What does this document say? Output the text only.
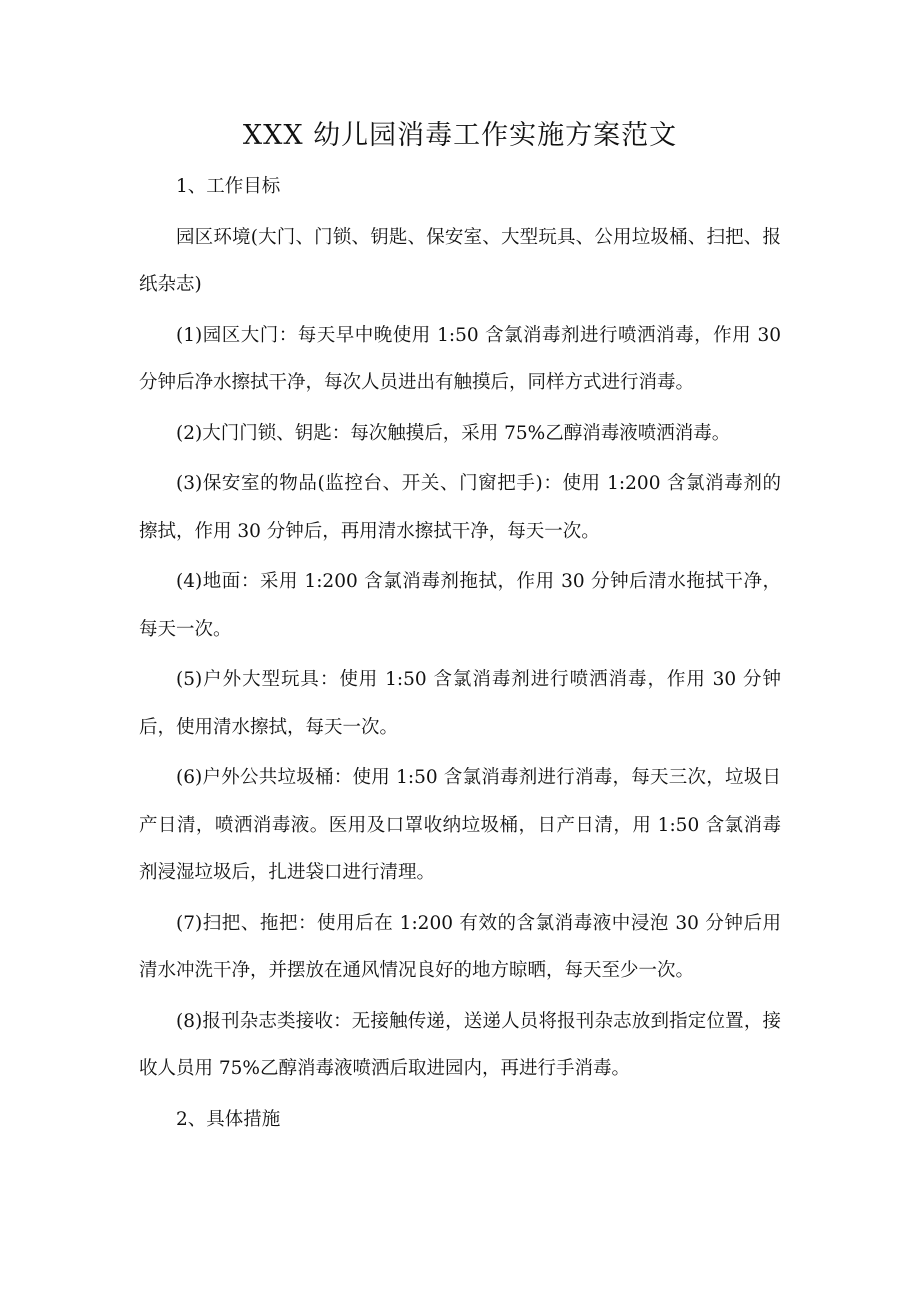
XXX 幼儿园消毒工作实施方案范文

1、工作目标

园区环境(大门、门锁、钥匙、保安室、大型玩具、公用垃圾桶、扫把、报纸杂志)

(1)园区大门：每天早中晚使用 1:50 含氯消毒剂进行喷洒消毒，作用 30 分钟后净水擦拭干净，每次人员进出有触摸后，同样方式进行消毒。

(2)大门门锁、钥匙：每次触摸后，采用 75%乙醇消毒液喷洒消毒。

(3)保安室的物品(监控台、开关、门窗把手)：使用 1:200 含氯消毒剂的擦拭，作用 30 分钟后，再用清水擦拭干净，每天一次。

(4)地面：采用 1:200 含氯消毒剂拖拭，作用 30 分钟后清水拖拭干净，每天一次。

(5)户外大型玩具：使用 1:50 含氯消毒剂进行喷洒消毒，作用 30 分钟后，使用清水擦拭，每天一次。

(6)户外公共垃圾桶：使用 1:50 含氯消毒剂进行消毒，每天三次，垃圾日产日清，喷洒消毒液。医用及口罩收纳垃圾桶，日产日清，用 1:50 含氯消毒剂浸湿垃圾后，扎进袋口进行清理。

(7)扫把、拖把：使用后在 1:200 有效的含氯消毒液中浸泡 30 分钟后用清水冲洗干净，并摆放在通风情况良好的地方晾晒，每天至少一次。

(8)报刊杂志类接收：无接触传递，送递人员将报刊杂志放到指定位置，接收人员用 75%乙醇消毒液喷洒后取进园内，再进行手消毒。

2、具体措施
